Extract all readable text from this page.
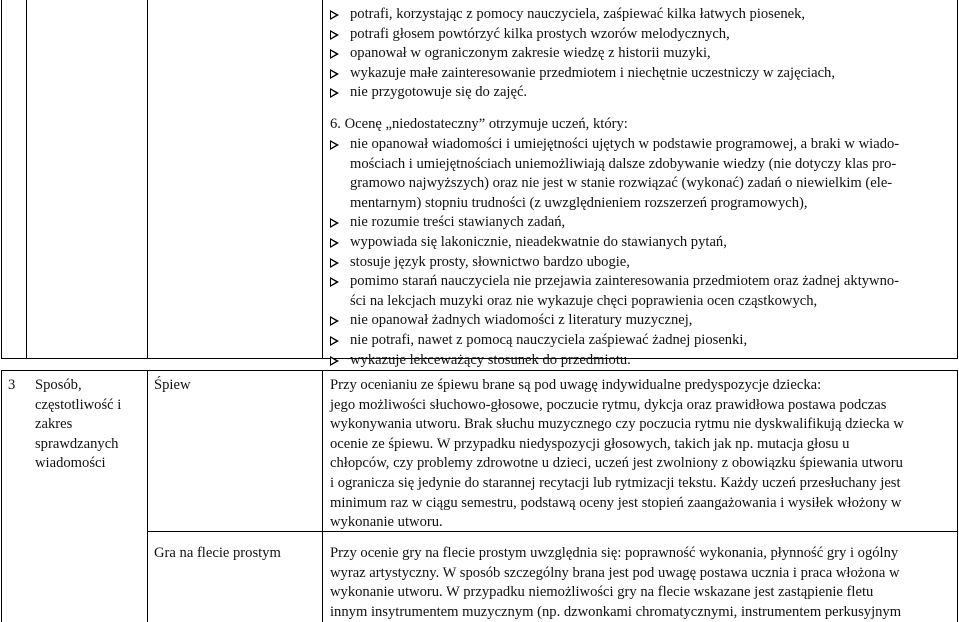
potrafi, korzystając z pomocy nauczyciela, zaśpiewać kilka łatwych piosenek,
potrafi głosem powtórzyć kilka prostych wzorów melodycznych,
opanował w ograniczonym zakresie wiedzę z historii muzyki,
wykazuje małe zainteresowanie przedmiotem i niechętnie uczestniczy w zajęciach,
nie przygotowuje się do zajęć.
6. Ocenę „niedostateczny” otrzymuje uczeń, który:
nie opanował wiadomości i umiejętności ujętych w podstawie programowej, a braki w wiado-
mościach i umiejętnościach uniemożliwiają dalsze zdobywanie wiedzy (nie dotyczy klas pro-
gramowo najwyższych) oraz nie jest w stanie rozwiązać (wykonać) zadań o niewielkim (ele-
mentarnym) stopniu trudności (z uwzględnieniem rozszerzeń programowych),
nie rozumie treści stawianych zadań,
wypowiada się lakonicznie, nieadekwatnie do stawianych pytań,
stosuje język prosty, słownictwo bardzo ubogie,
pomimo starań nauczyciela nie przejawia zainteresowania przedmiotem oraz żadnej aktywno-
ści na lekcjach muzyki oraz nie wykazuje chęci poprawienia ocen cząstkowych,
nie opanował żadnych wiadomości z literatury muzycznej,
nie potrafi, nawet z pomocą nauczyciela zaśpiewać żadnej piosenki,
wykazuje lekceważący stosunek do przedmiotu.
3 Sposób,
częstotliwość i
zakres
sprawdzanych
wiadomości
Śpiew	Przy ocenianiu ze śpiewu brane są pod uwagę indywidualne predyspozycje dziecka:
jego możliwości słuchowo-głosowe, poczucie rytmu, dykcja oraz prawidłowa postawa podczas
wykonywania utworu. Brak słuchu muzycznego czy poczucia rytmu nie dyskwalifikują dziecka w
ocenie ze śpiewu. W przypadku niedyspozycji głosowych, takich jak np. mutacja głosu u
chłopców, czy problemy zdrowotne u dzieci, uczeń jest zwolniony z obowiązku śpiewania utworu
i ogranicza się jedynie do starannej recytacji lub rytmizacji tekstu. Każdy uczeń przesłuchany jest
minimum raz w ciągu semestru, podstawą oceny jest stopień zaangażowania i wysiłek włożony w
wykonanie utworu.
Gra na flecie prostym	Przy ocenie gry na flecie prostym uwzględnia się: poprawność wykonania, płynność gry i ogólny
wyraz artystyczny. W sposób szczególny brana jest pod uwagę postawa ucznia i praca włożona w
wykonanie utworu. W przypadku niemożliwości gry na flecie wskazane jest zastąpienie fletu
innym insytrumentem muzycznym (np. dzwonkami chromatycznymi, instrumentem perkusyjnym
